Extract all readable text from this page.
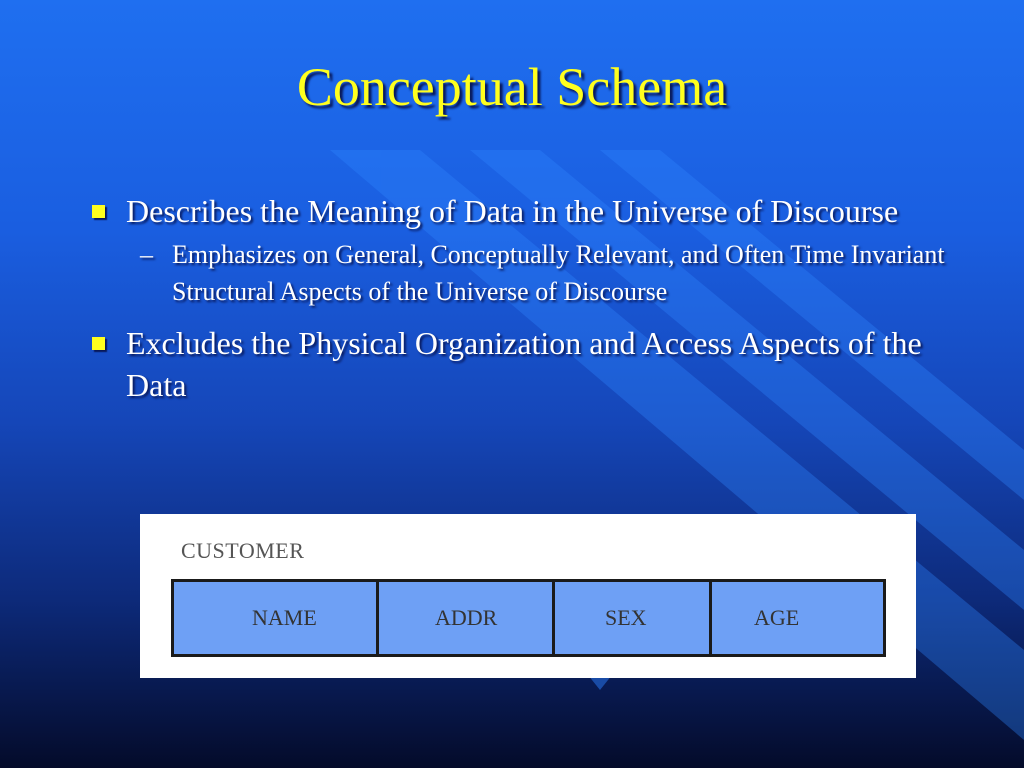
Conceptual Schema
Describes the Meaning of Data in the Universe of Discourse
– Emphasizes on General, Conceptually Relevant, and Often Time Invariant Structural Aspects of the Universe of Discourse
Excludes the Physical Organization and Access Aspects of the Data
CUSTOMER
NAME	ADDR	SEX	AGE
